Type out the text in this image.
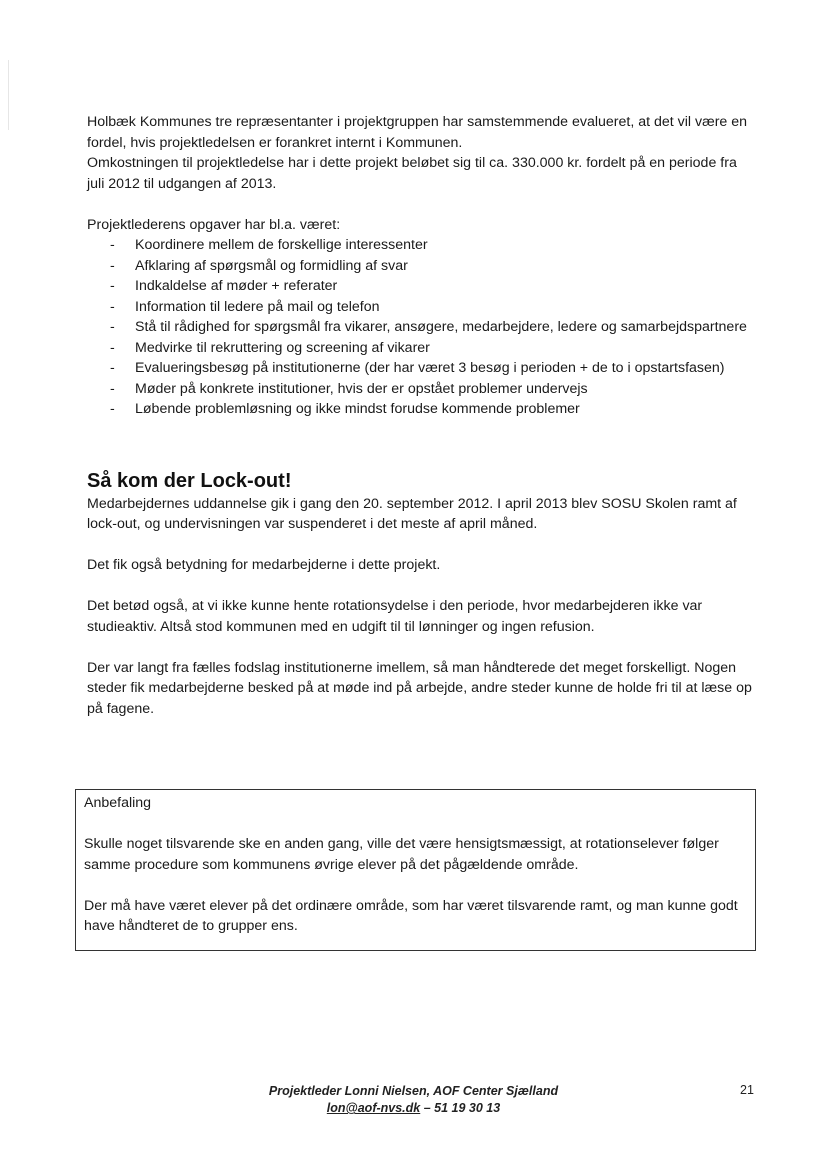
Holbæk Kommunes tre repræsentanter i projektgruppen har samstemmende evalueret, at det vil være en fordel, hvis projektledelsen er forankret internt i Kommunen.

Omkostningen til projektledelse har i dette projekt beløbet sig til ca. 330.000 kr. fordelt på en periode fra juli 2012 til udgangen af 2013.

Projektlederens opgaver har bl.a. været:

- Koordinere mellem de forskellige interessenter
- Afklaring af spørgsmål og formidling af svar
- Indkaldelse af møder + referater
- Information til ledere på mail og telefon
- Stå til rådighed for spørgsmål fra vikarer, ansøgere, medarbejdere, ledere og samarbejdspartnere
- Medvirke til rekruttering og screening af vikarer
- Evalueringsbesøg på institutionerne (der har været 3 besøg i perioden + de to i opstartsfasen)
- Møder på konkrete institutioner, hvis der er opstået problemer undervejs
- Løbende problemløsning og ikke mindst forudse kommende problemer
Så kom der Lock-out!

Medarbejdernes uddannelse gik i gang den 20. september 2012. I april 2013 blev SOSU Skolen ramt af lock-out, og undervisningen var suspenderet i det meste af april måned.

Det fik også betydning for medarbejderne i dette projekt.

Det betød også, at vi ikke kunne hente rotationsydelse i den periode, hvor medarbejderen ikke var studieaktiv. Altså stod kommunen med en udgift til til lønninger og ingen refusion.

Der var langt fra fælles fodslag institutionerne imellem, så man håndterede det meget forskelligt. Nogen steder fik medarbejderne besked på at møde ind på arbejde, andre steder kunne de holde fri til at læse op på fagene.

Anbefaling

Skulle noget tilsvarende ske en anden gang, ville det være hensigtsmæssigt, at rotationselever følger samme procedure som kommunens øvrige elever på det pågældende område.

Der må have været elever på det ordinære område, som har været tilsvarende ramt, og man kunne godt have håndteret de to grupper ens.

Projektleder Lonni Nielsen, AOF Center Sjælland
lon@aof-nvs.dk – 51 19 30 13
21
